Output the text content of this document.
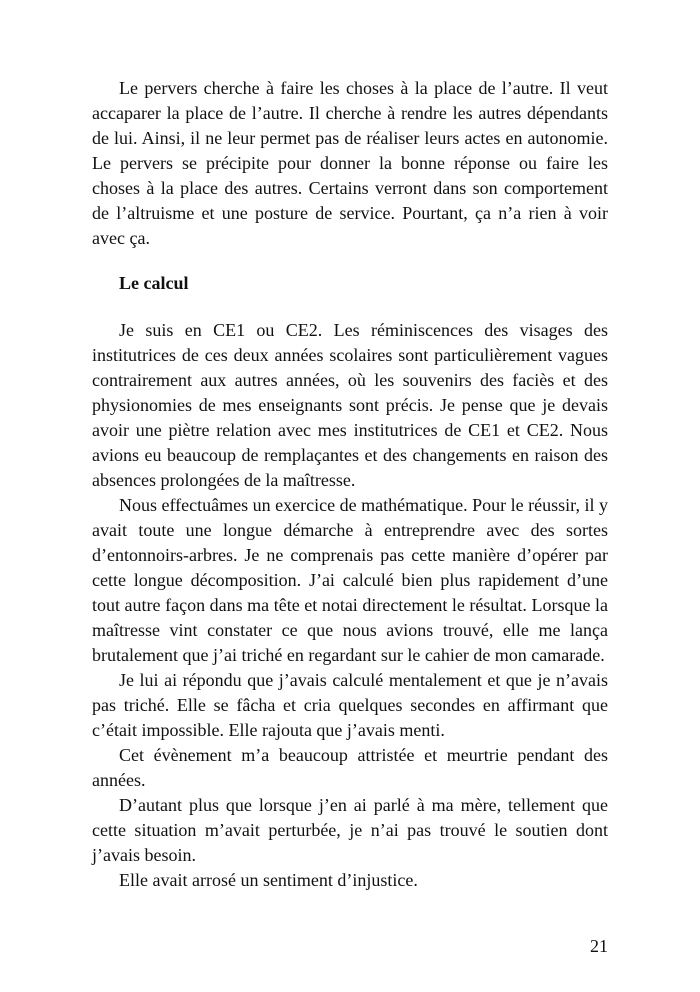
Le pervers cherche à faire les choses à la place de l’autre. Il veut accaparer la place de l’autre. Il cherche à rendre les autres dépendants de lui. Ainsi, il ne leur permet pas de réaliser leurs actes en autonomie. Le pervers se précipite pour donner la bonne réponse ou faire les choses à la place des autres. Certains verront dans son comportement de l’altruisme et une posture de service. Pourtant, ça n’a rien à voir avec ça.

Le calcul

Je suis en CE1 ou CE2. Les réminiscences des visages des institutrices de ces deux années scolaires sont particulièrement vagues contrairement aux autres années, où les souvenirs des faciès et des physionomies de mes enseignants sont précis. Je pense que je devais avoir une piètre relation avec mes institutrices de CE1 et CE2. Nous avions eu beaucoup de remplaçantes et des changements en raison des absences prolongées de la maîtresse.

Nous effectuâmes un exercice de mathématique. Pour le réussir, il y avait toute une longue démarche à entreprendre avec des sortes d’entonnoirs-arbres. Je ne comprenais pas cette manière d’opérer par cette longue décomposition. J’ai calculé bien plus rapidement d’une tout autre façon dans ma tête et notai directement le résultat. Lorsque la maîtresse vint constater ce que nous avions trouvé, elle me lança brutalement que j’ai triché en regardant sur le cahier de mon camarade.

Je lui ai répondu que j’avais calculé mentalement et que je n’avais pas triché. Elle se fâcha et cria quelques secondes en affirmant que c’était impossible. Elle rajouta que j’avais menti.

Cet évènement m’a beaucoup attristée et meurtrie pendant des années.

D’autant plus que lorsque j’en ai parlé à ma mère, tellement que cette situation m’avait perturbée, je n’ai pas trouvé le soutien dont j’avais besoin.

Elle avait arrosé un sentiment d’injustice.

21
